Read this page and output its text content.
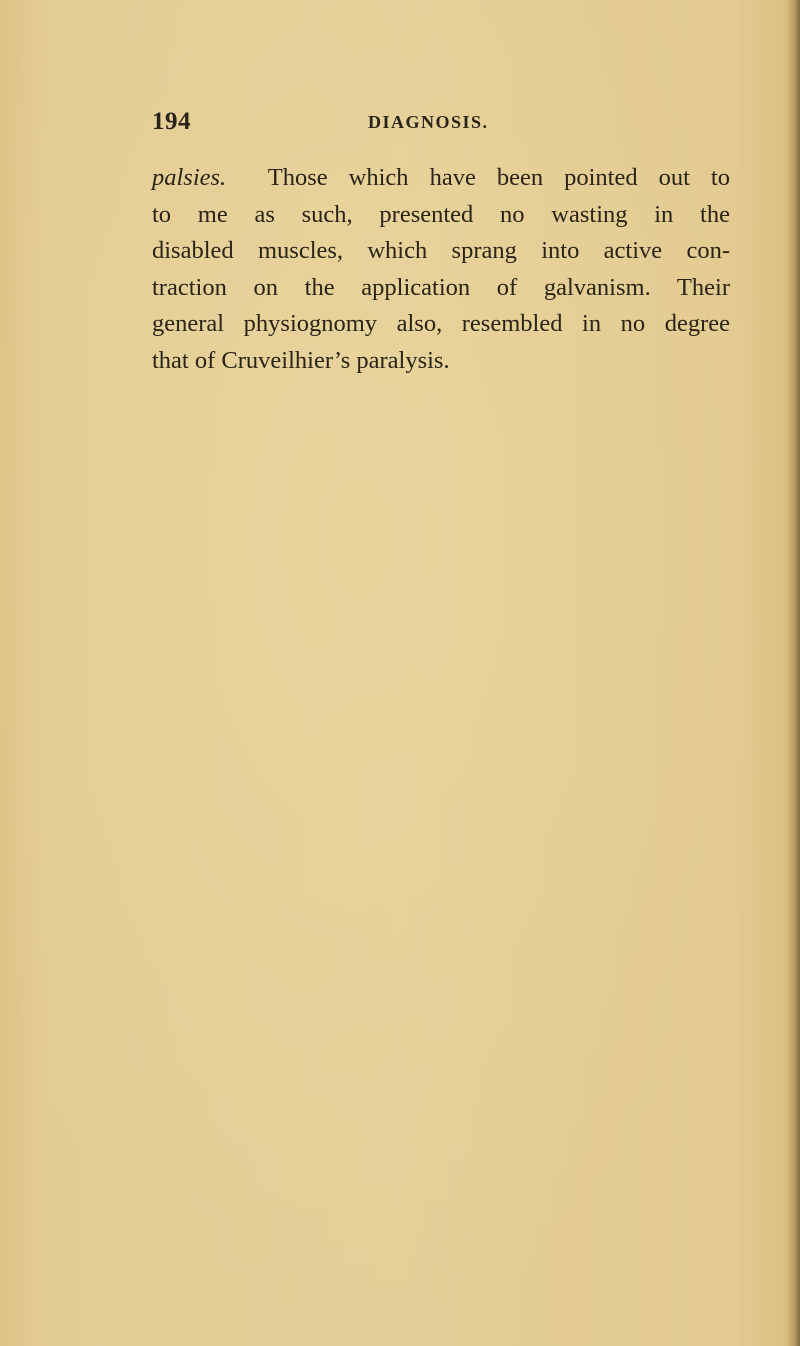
194	DIAGNOSIS.
palsies. Those which have been pointed out to
to me as such, presented no wasting in the
disabled muscles, which sprang into active con-
traction on the application of galvanism. Their
general physiognomy also, resembled in no degree
that of Cruveilhier’s paralysis.
